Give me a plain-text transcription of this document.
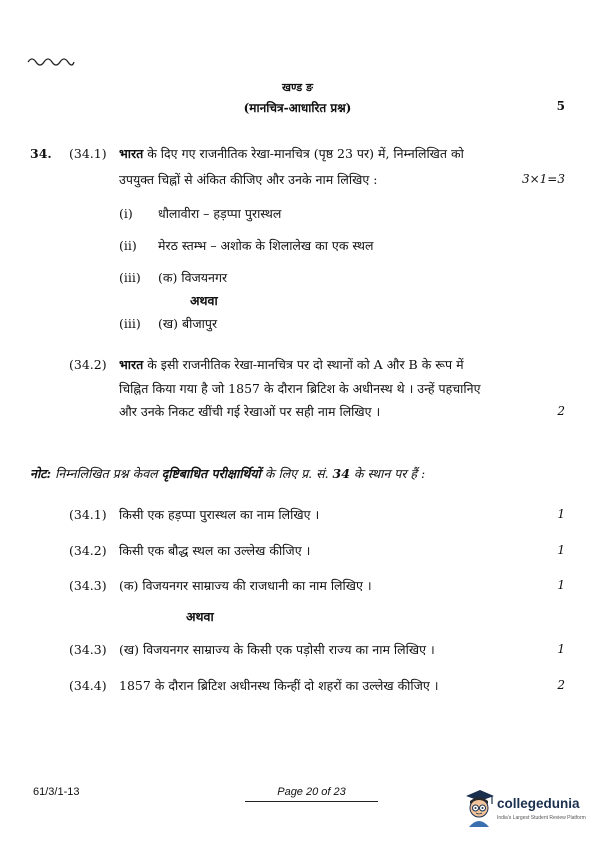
खण्ड ङ
(मानचित्र-आधारित प्रश्न)	5
34. (34.1) भारत के दिए गए राजनीतिक रेखा-मानचित्र (पृष्ठ 23 पर) में, निम्नलिखित को
उपयुक्त चिह्नों से अंकित कीजिए और उनके नाम लिखिए :	3×1=3
(i) धौलावीरा – हड़प्पा पुरास्थल
(ii) मेरठ स्तम्भ – अशोक के शिलालेख का एक स्थल
(iii) (क) विजयनगर
अथवा
(iii) (ख) बीजापुर
(34.2) भारत के इसी राजनीतिक रेखा-मानचित्र पर दो स्थानों को A और B के रूप में
चिह्नित किया गया है जो 1857 के दौरान ब्रिटिश के अधीनस्थ थे । उन्हें पहचानिए
और उनके निकट खींची गई रेखाओं पर सही नाम लिखिए ।	2
नोट: निम्नलिखित प्रश्न केवल दृष्टिबाधित परीक्षार्थियों के लिए प्र. सं. 34 के स्थान पर हैं :
(34.1) किसी एक हड़प्पा पुरास्थल का नाम लिखिए ।	1
(34.2) किसी एक बौद्ध स्थल का उल्लेख कीजिए ।	1
(34.3) (क) विजयनगर साम्राज्य की राजधानी का नाम लिखिए ।	1
अथवा
(34.3) (ख) विजयनगर साम्राज्य के किसी एक पड़ोसी राज्य का नाम लिखिए ।	1
(34.4) 1857 के दौरान ब्रिटिश अधीनस्थ किन्हीं दो शहरों का उल्लेख कीजिए ।	2
61/3/1-13	Page 20 of 23
collegedunia
India's Largest Student Review Platform
